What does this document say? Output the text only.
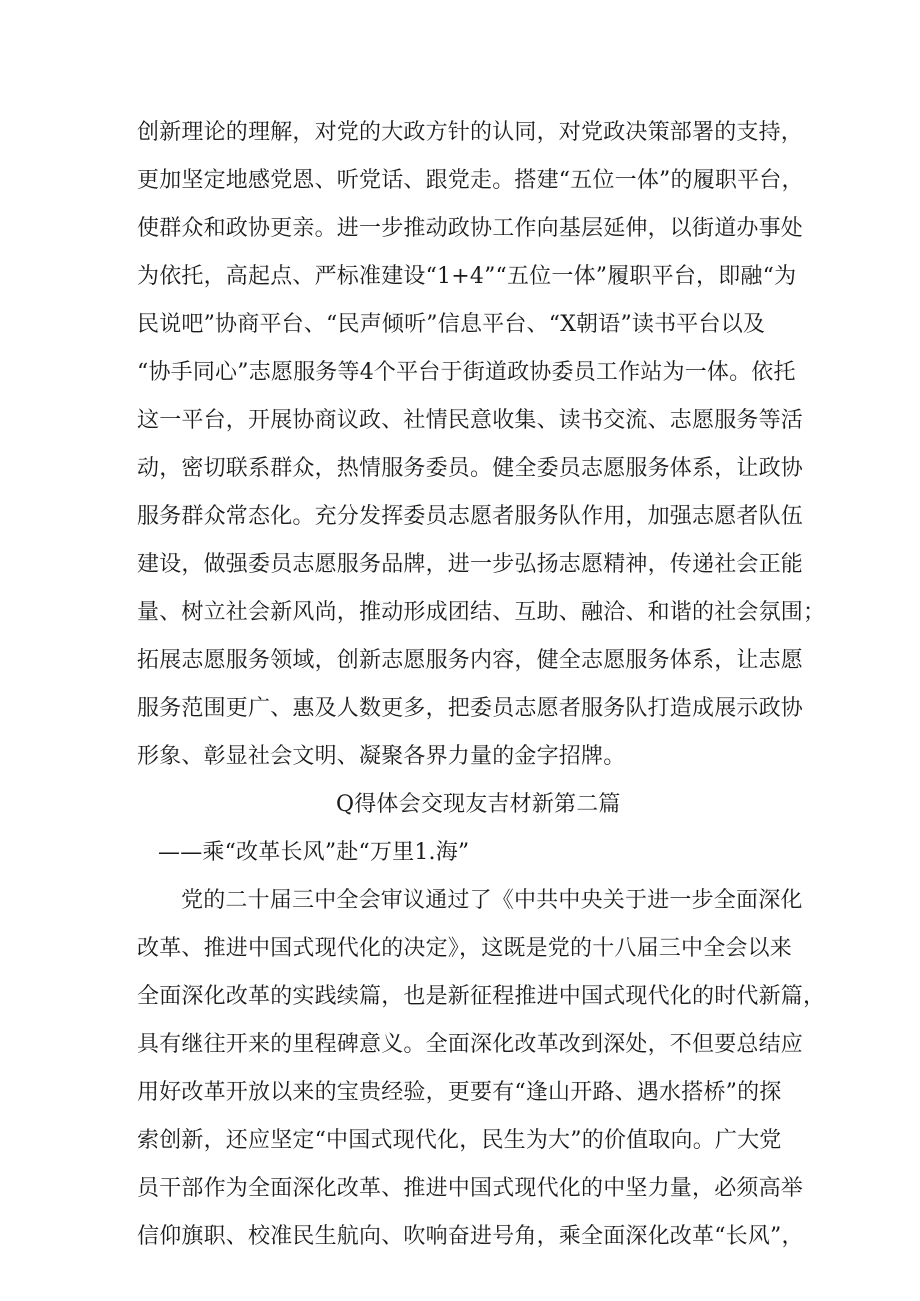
创新理论的理解，对党的大政方针的认同，对党政决策部署的支持，
更加坚定地感党恩、听党话、跟党走。搭建“五位一体”的履职平台，
使群众和政协更亲。进一步推动政协工作向基层延伸，以街道办事处
为依托，高起点、严标准建设“1+4”“五位一体”履职平台，即融“为
民说吧”协商平台、“民声倾听”信息平台、“X朝语”读书平台以及
“协手同心”志愿服务等4个平台于街道政协委员工作站为一体。依托
这一平台，开展协商议政、社情民意收集、读书交流、志愿服务等活
动，密切联系群众，热情服务委员。健全委员志愿服务体系，让政协
服务群众常态化。充分发挥委员志愿者服务队作用，加强志愿者队伍
建设，做强委员志愿服务品牌，进一步弘扬志愿精神，传递社会正能
量、树立社会新风尚，推动形成团结、互助、融洽、和谐的社会氛围；
拓展志愿服务领域，创新志愿服务内容，健全志愿服务体系，让志愿
服务范围更广、惠及人数更多，把委员志愿者服务队打造成展示政协
形象、彰显社会文明、凝聚各界力量的金字招牌。
Q得体会交现友吉材新第二篇
——乘“改革长风”赴“万里1.海”
党的二十届三中全会审议通过了《中共中央关于进一步全面深化
改革、推进中国式现代化的决定》，这既是党的十八届三中全会以来
全面深化改革的实践续篇，也是新征程推进中国式现代化的时代新篇，
具有继往开来的里程碑意义。全面深化改革改到深处，不但要总结应
用好改革开放以来的宝贵经验，更要有“逢山开路、遇水搭桥”的探
索创新，还应坚定“中国式现代化，民生为大”的价值取向。广大党
员干部作为全面深化改革、推进中国式现代化的中坚力量，必须高举
信仰旗职、校准民生航向、吹响奋进号角，乘全面深化改革“长风”，
